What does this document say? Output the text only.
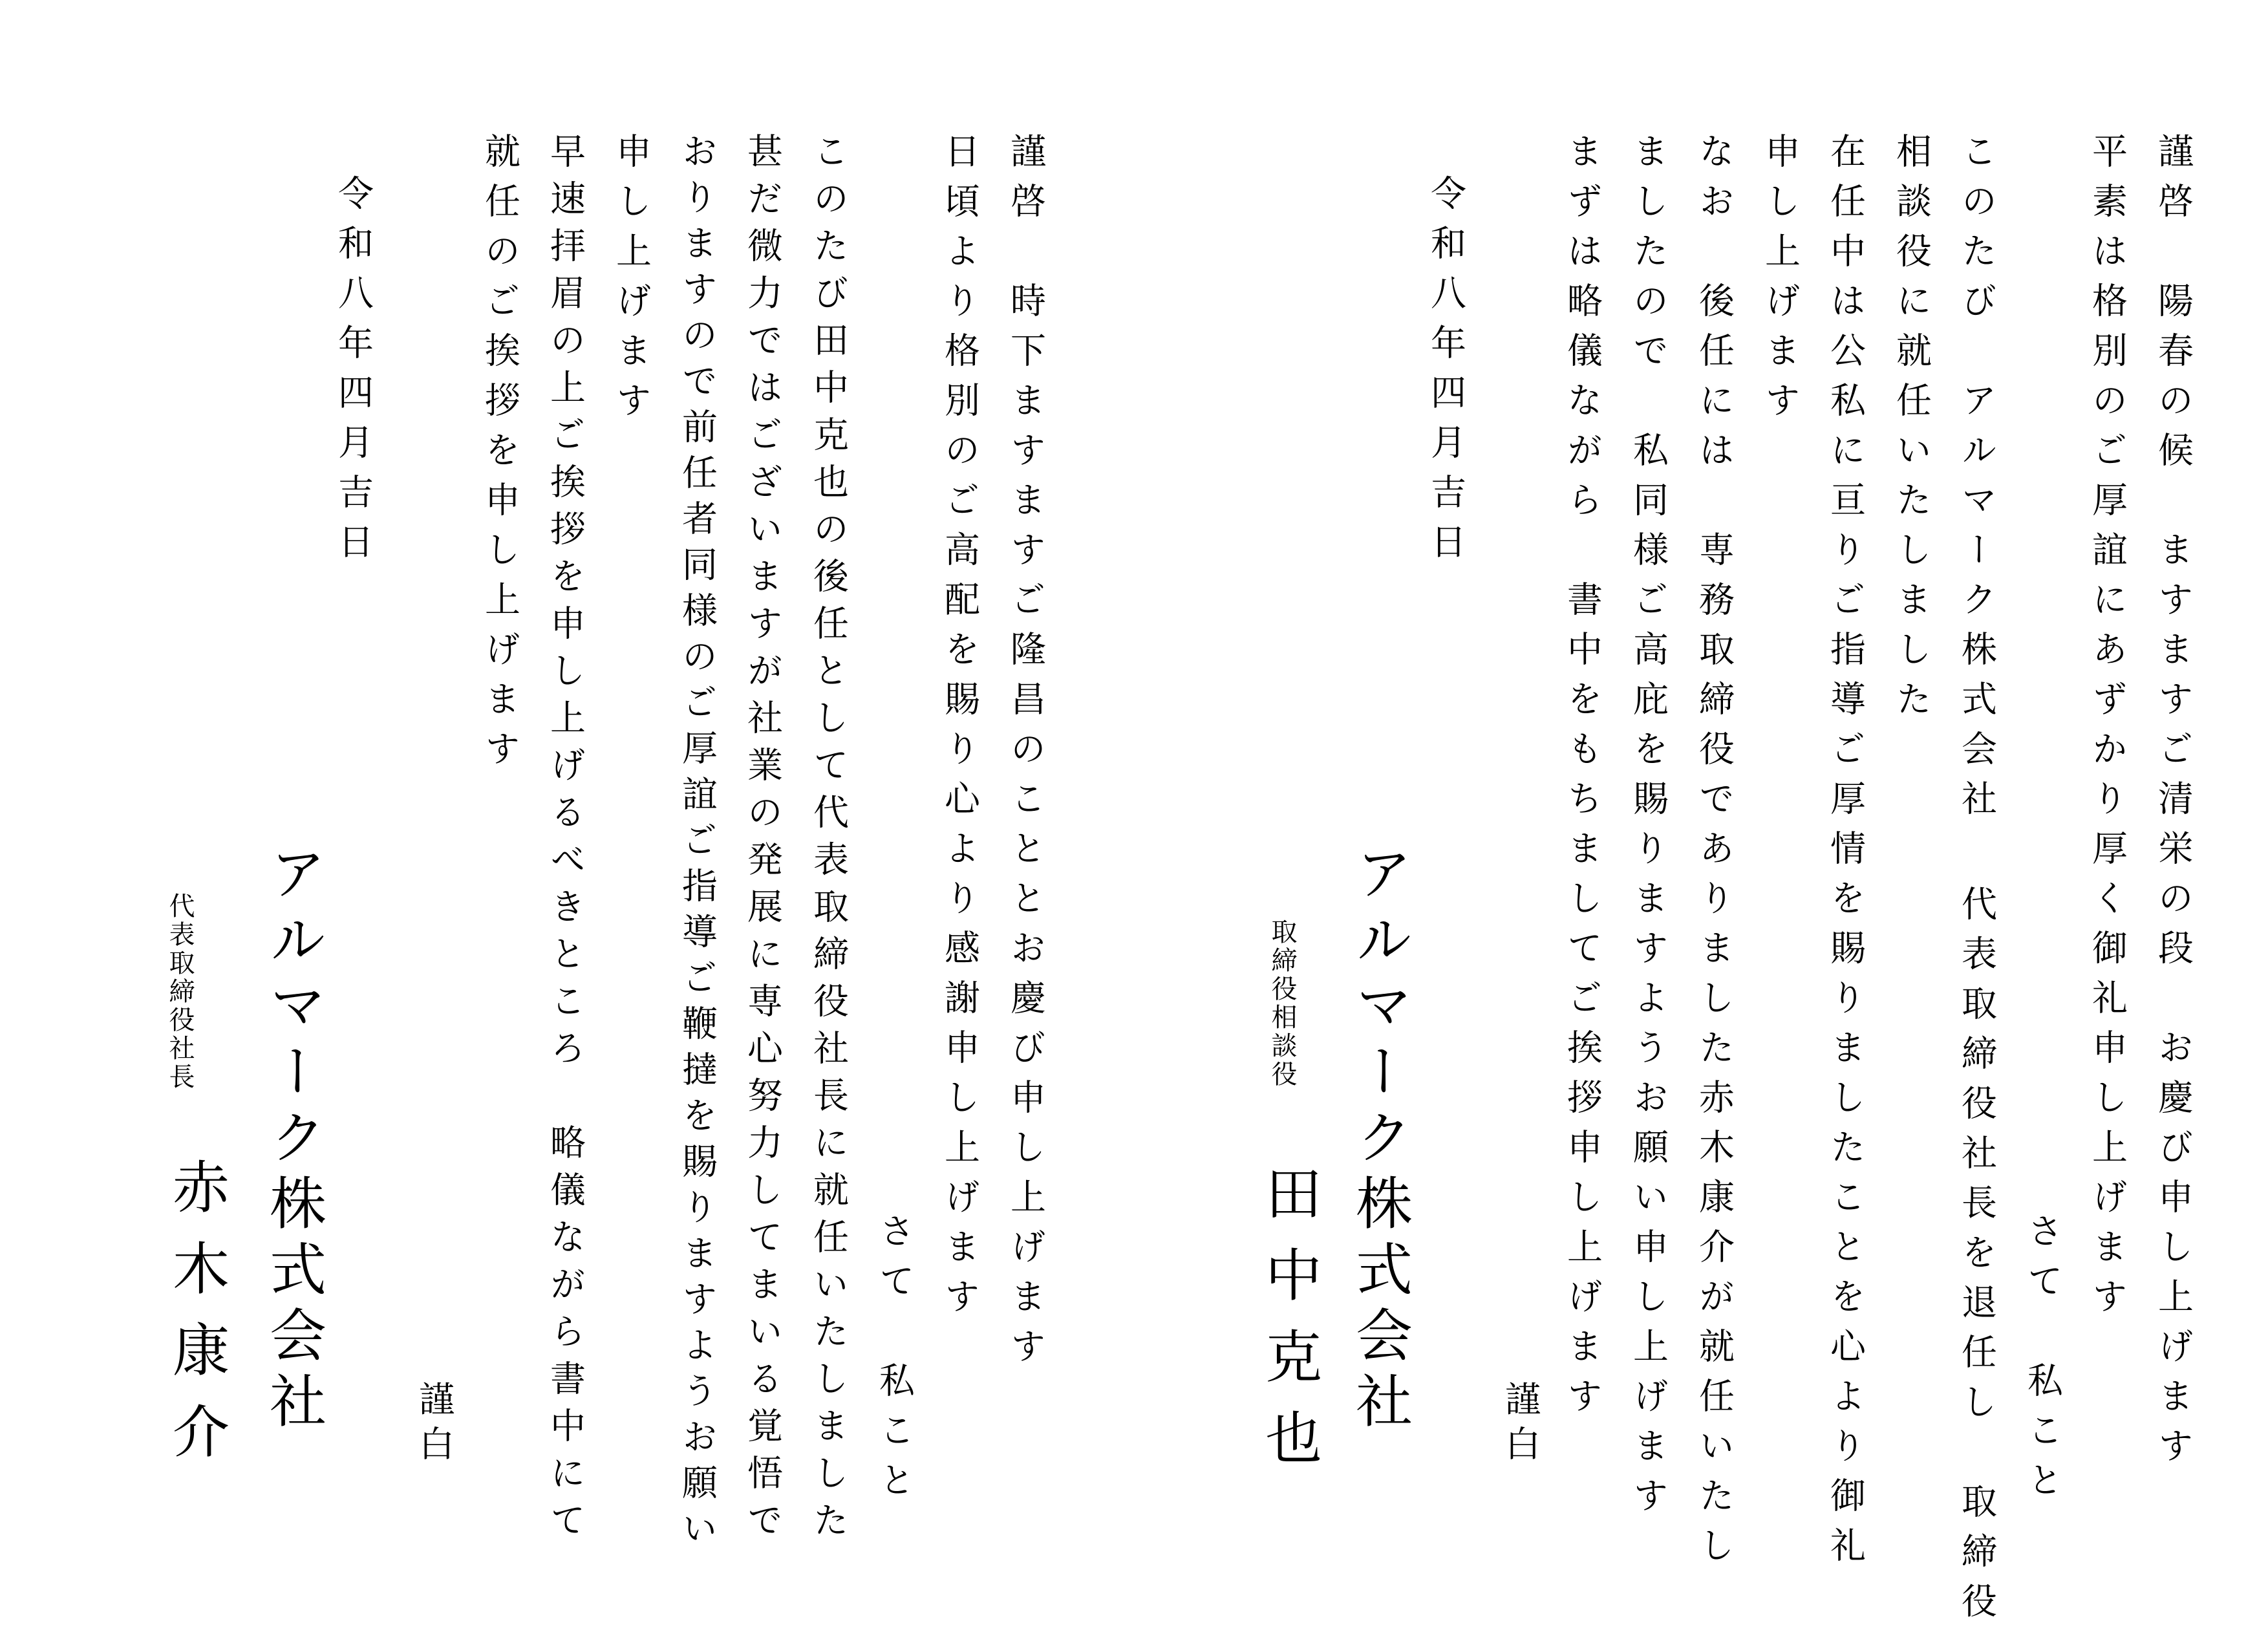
謹啓　陽春の候　ますますご清栄の段　お慶び申し上げます
平素は格別のご厚誼にあずかり厚く御礼申し上げます
さて　私こと
このたび　アルマーク株式会社 代表取締役社長を退任し　取締役
相談役に就任いたしました
在任中は公私に亘りご指導ご厚情を賜りましたことを心より御礼
申し上げます
なお　後任には　専務取締役でありました赤木康介が就任いたし
ましたので　私同様ご高庇を賜りますようお願い申し上げます
まずは略儀ながら　書中をもちましてご挨拶申し上げます
謹白
令和八年四月吉日
アルマーク株式会社
取締役相談役
田中克也
謹啓　時下ますますご隆昌のこととお慶び申し上げます
日頃より格別のご高配を賜り心より感謝申し上げます
さて　私こと
このたび田中克也の後任として代表取締役社長に就任いたしました
甚だ微力ではございますが社業の発展に専心努力してまいる覚悟で
おりますので前任者同様のご厚誼ご指導ご鞭撻を賜りますようお願い
申し上げます
早速拝眉の上ご挨拶を申し上げるべきところ　略儀ながら書中にて
就任のご挨拶を申し上げます
謹白
令和八年四月吉日
アルマーク株式会社
代表取締役社長
赤木康介
